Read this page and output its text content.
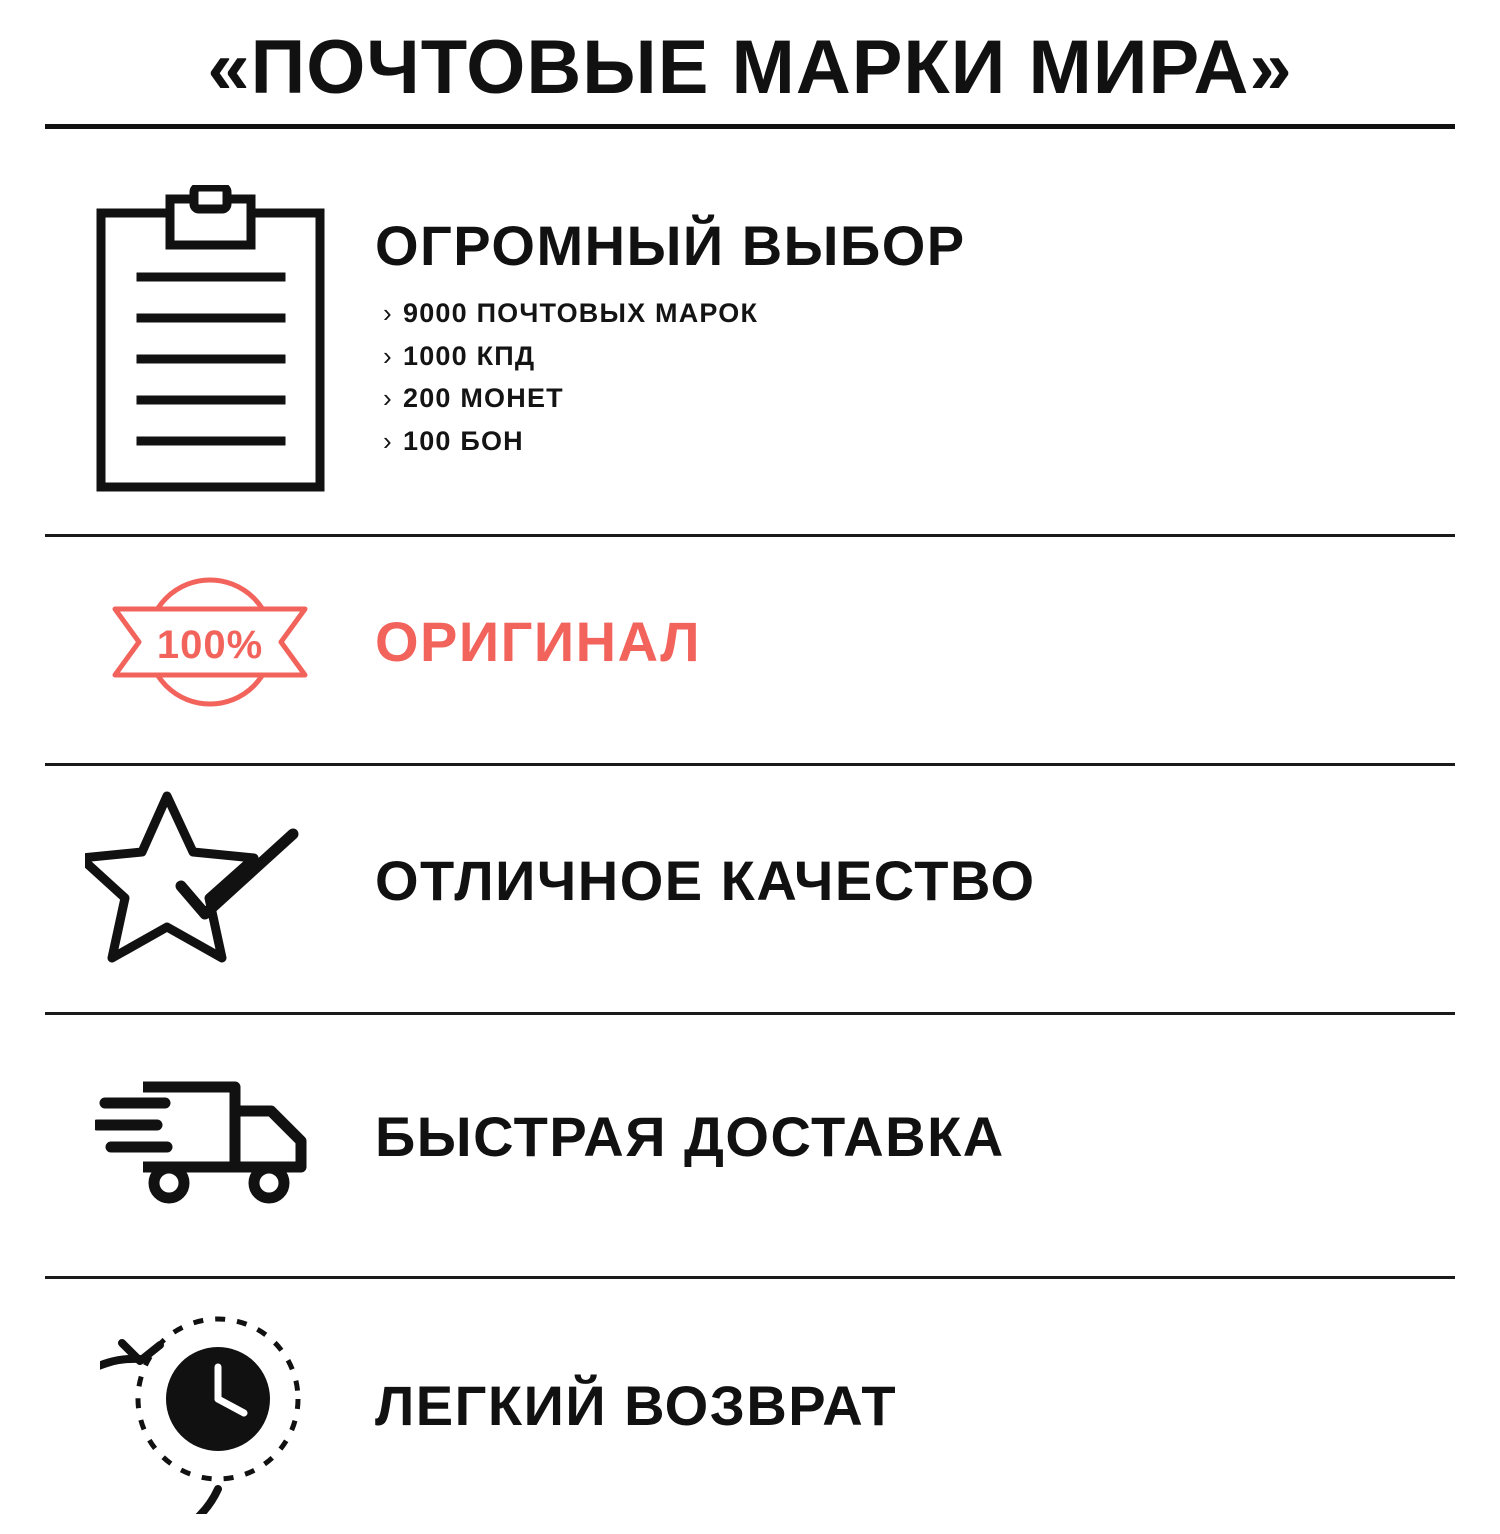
«ПОЧТОВЫЕ МАРКИ МИРА»
ОГРОМНЫЙ ВЫБОР
› 9000 ПОЧТОВЫХ МАРОК
› 1000 КПД
› 200 МОНЕТ
› 100 БОН
100% ОРИГИНАЛ
ОТЛИЧНОЕ КАЧЕСТВО
БЫСТРАЯ ДОСТАВКА
ЛЕГКИЙ ВОЗВРАТ
